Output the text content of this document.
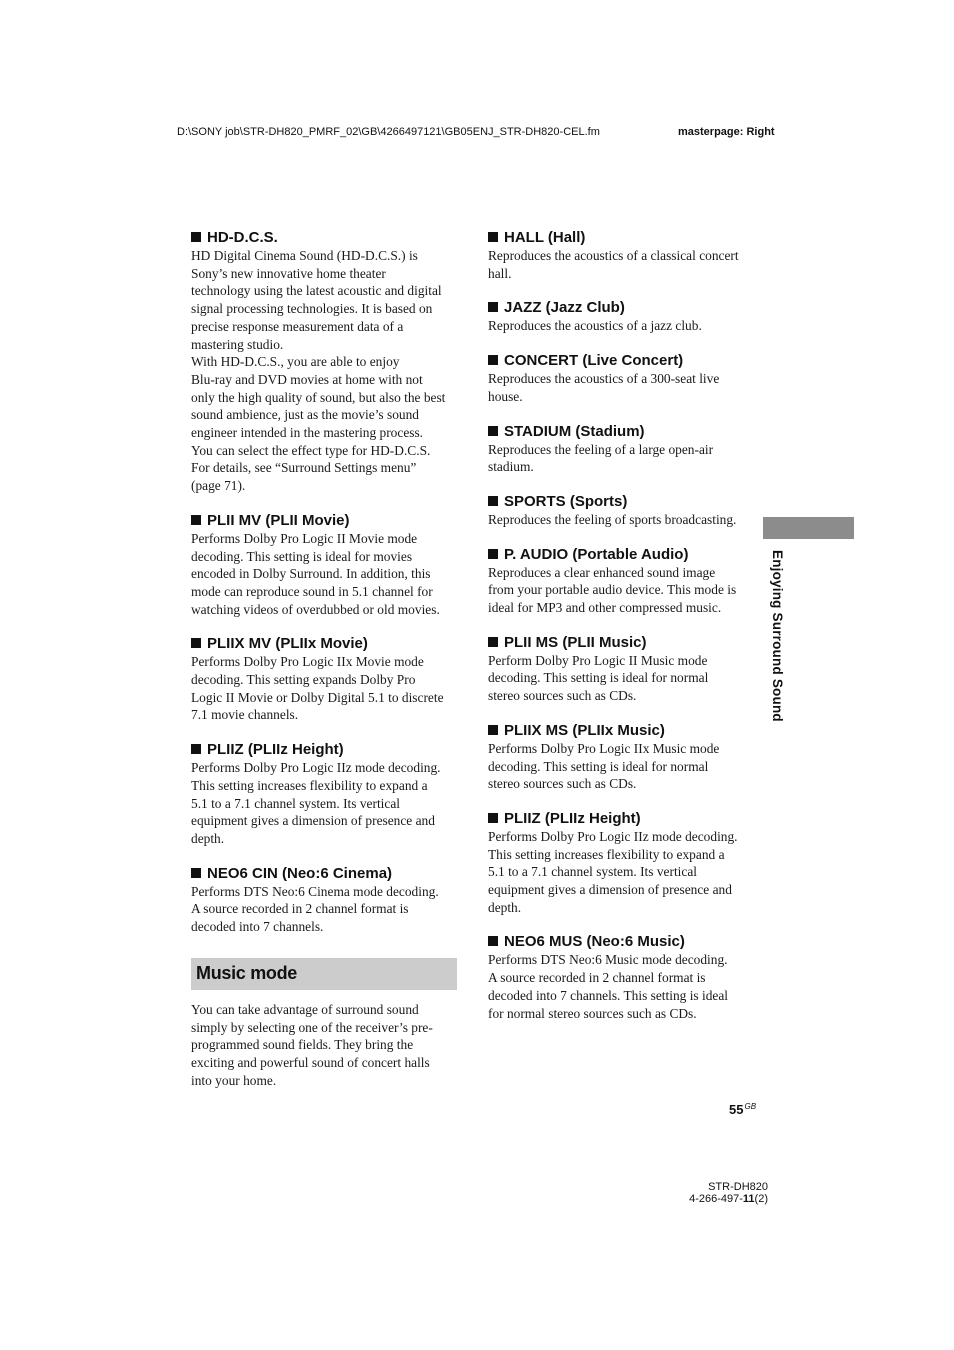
D:\SONY job\STR-DH820_PMRF_02\GB\4266497121\GB05ENJ_STR-DH820-CEL.fm	masterpage: Right

HD-D.C.S.

HD Digital Cinema Sound (HD-D.C.S.) is
Sony’s new innovative home theater
technology using the latest acoustic and digital
signal processing technologies. It is based on
precise response measurement data of a
mastering studio.
With HD-D.C.S., you are able to enjoy
Blu-ray and DVD movies at home with not
only the high quality of sound, but also the best
sound ambience, just as the movie’s sound
engineer intended in the mastering process.
You can select the effect type for HD-D.C.S.
For details, see “Surround Settings menu”
(page 71).

PLII MV (PLII Movie)

Performs Dolby Pro Logic II Movie mode
decoding. This setting is ideal for movies
encoded in Dolby Surround. In addition, this
mode can reproduce sound in 5.1 channel for
watching videos of overdubbed or old movies.

PLIIX MV (PLIIx Movie)

Performs Dolby Pro Logic IIx Movie mode
decoding. This setting expands Dolby Pro
Logic II Movie or Dolby Digital 5.1 to discrete
7.1 movie channels.

PLIIZ (PLIIz Height)

Performs Dolby Pro Logic IIz mode decoding.
This setting increases flexibility to expand a
5.1 to a 7.1 channel system. Its vertical
equipment gives a dimension of presence and
depth.

NEO6 CIN (Neo:6 Cinema)

Performs DTS Neo:6 Cinema mode decoding.
A source recorded in 2 channel format is
decoded into 7 channels.

Music mode

You can take advantage of surround sound
simply by selecting one of the receiver’s pre-
programmed sound fields. They bring the
exciting and powerful sound of concert halls
into your home.

HALL (Hall)

Reproduces the acoustics of a classical concert
hall.

JAZZ (Jazz Club)

Reproduces the acoustics of a jazz club.

CONCERT (Live Concert)

Reproduces the acoustics of a 300-seat live
house.

STADIUM (Stadium)

Reproduces the feeling of a large open-air
stadium.

SPORTS (Sports)

Reproduces the feeling of sports broadcasting.

P. AUDIO (Portable Audio)

Reproduces a clear enhanced sound image
from your portable audio device. This mode is
ideal for MP3 and other compressed music.

PLII MS (PLII Music)

Perform Dolby Pro Logic II Music mode
decoding. This setting is ideal for normal
stereo sources such as CDs.

PLIIX MS (PLIIx Music)

Performs Dolby Pro Logic IIx Music mode
decoding. This setting is ideal for normal
stereo sources such as CDs.

PLIIZ (PLIIz Height)

Performs Dolby Pro Logic IIz mode decoding.
This setting increases flexibility to expand a
5.1 to a 7.1 channel system. Its vertical
equipment gives a dimension of presence and
depth.

NEO6 MUS (Neo:6 Music)

Performs DTS Neo:6 Music mode decoding.
A source recorded in 2 channel format is
decoded into 7 channels. This setting is ideal
for normal stereo sources such as CDs.

Enjoying Surround Sound
$55^{GB}$
STR-DH820
4-266-497-11(2)
